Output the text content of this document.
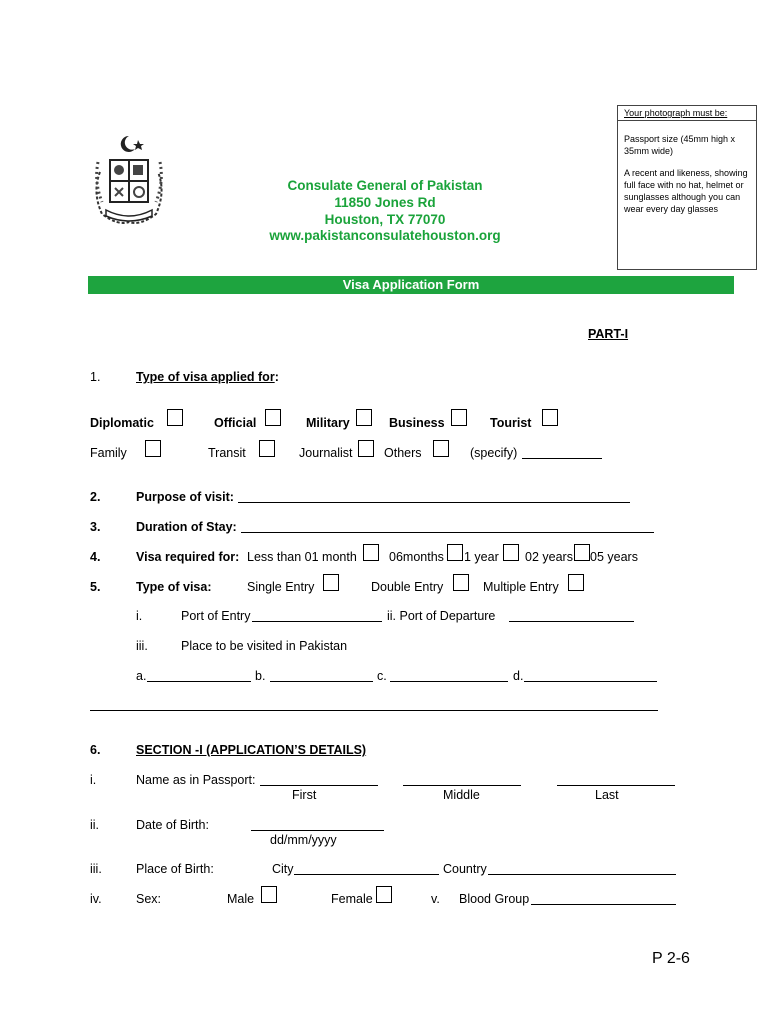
Consulate General of Pakistan
11850 Jones Rd
Houston, TX 77070
www.pakistanconsulatehouston.org
Your photograph must be:
Passport size (45mm high x 35mm wide)
A recent and likeness, showing full face with no hat, helmet or sunglasses although you can wear every day glasses
Visa Application Form
PART-I
1.	Type of visa applied for:
Diplomatic	Official	Military	Business	Tourist
Family	Transit	Journalist	Others	(specify)
2.	Purpose of visit:
3.	Duration of Stay:
4.	Visa required for: Less than 01 month	06months 1 year 02 years 05 years
5.	Type of visa:	Single Entry	Double Entry	Multiple Entry
i.	Port of Entry	ii. Port of Departure
iii.	Place to be visited in Pakistan
a.	b.	c.	d.
6.	SECTION -I (APPLICATION’S DETAILS)
i.	Name as in Passport:
First	Middle	Last
ii.	Date of Birth:
dd/mm/yyyy
iii.	Place of Birth:	City	Country
iv.	Sex:	Male	Female	v. Blood Group
P 2-6
